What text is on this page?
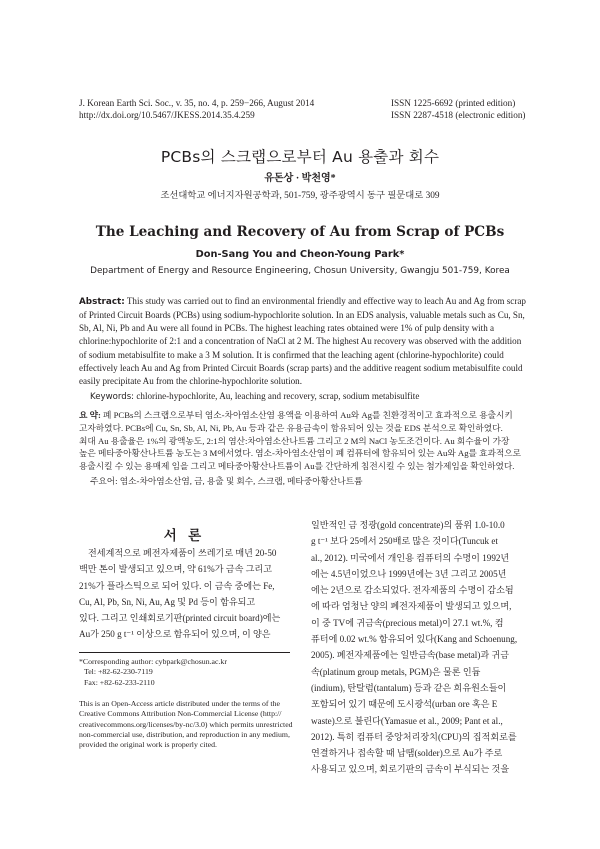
J. Korean Earth Sci. Soc., v. 35, no. 4, p. 259−266, August 2014
http://dx.doi.org/10.5467/JKESS.2014.35.4.259
ISSN 1225-6692 (printed edition)
ISSN 2287-4518 (electronic edition)
PCBs의 스크랩으로부터 Au 용출과 회수
유돈상 · 박천영*
조선대학교 에너지자원공학과, 501-759, 광주광역시 동구 필문대로 309
The Leaching and Recovery of Au from Scrap of PCBs
Don-Sang You and Cheon-Young Park*
Department of Energy and Resource Engineering, Chosun University, Gwangju 501-759, Korea
Abstract: This study was carried out to find an environmental friendly and effective way to leach Au and Ag from scrap
of Printed Circuit Boards (PCBs) using sodium-hypochlorite solution. In an EDS analysis, valuable metals such as Cu, Sn,
Sb, Al, Ni, Pb and Au were all found in PCBs. The highest leaching rates obtained were 1% of pulp density with a
chlorine:hypochlorite of 2:1 and a concentration of NaCl at 2 M. The highest Au recovery was observed with the addition
of sodium metabisulfite to make a 3 M solution. It is confirmed that the leaching agent (chlorine-hypochlorite) could
effectively leach Au and Ag from Printed Circuit Boards (scrap parts) and the additive reagent sodium metabisulfite could
easily precipitate Au from the chlorine-hypochlorite solution.
Keywords: chlorine-hypochlorite, Au, leaching and recovery, scrap, sodium metabisulfite
요 약: 폐 PCBs의 스크랩으로부터 염소-차아염소산염 용액을 이용하여 Au와 Ag를 친환경적이고 효과적으로 용출시키
고자하였다. PCBs에 Cu, Sn, Sb, Al, Ni, Pb, Au 등과 같은 유용금속이 함유되어 있는 것을 EDS 분석으로 확인하였다.
최대 Au 용출율은 1%의 광액농도, 2:1의 염산:차아염소산나트륨 그리고 2 M의 NaCl 농도조건이다. Au 회수율이 가장
높은 메타중아황산나트륨 농도는 3 M에서였다. 염소-차아염소산염이 폐 컴퓨터에 함유되어 있는 Au와 Ag를 효과적으로
용출시킬 수 있는 용매제 임을 그리고 메타중아황산나트륨이 Au를 간단하게 침전시킬 수 있는 첨가제임을 확인하였다.
주요어: 염소-차아염소산염, 금, 용출 및 회수, 스크랩, 메타중아황산나트륨
서 론
전세계적으로 폐전자제품이 쓰레기로 매년 20-50
백만 톤이 발생되고 있으며, 약 61%가 금속 그리고
21%가 플라스틱으로 되어 있다. 이 금속 중에는 Fe,
Cu, Al, Pb, Sn, Ni, Au, Ag 및 Pd 등이 함유되고
있다. 그리고 인쇄회로기판(printed circuit board)에는
Au가 250 g t⁻¹ 이상으로 함유되어 있으며, 이 양은
*Corresponding author: cybpark@chosun.ac.kr
Tel: +82-62-230-7119
Fax: +82-62-233-2110
This is an Open-Access article distributed under the terms of the
Creative Commons Attribution Non-Commercial License (http://
creativecommons.org/licenses/by-nc/3.0) which permits unrestricted
non-commercial use, distribution, and reproduction in any medium,
provided the original work is properly cited.
일반적인 금 정광(gold concentrate)의 품위 1.0-10.0
g t⁻¹ 보다 25에서 250배로 많은 것이다(Tuncuk et
al., 2012). 미국에서 개인용 컴퓨터의 수명이 1992년
에는 4.5년이었으나 1999년에는 3년 그리고 2005년
에는 2년으로 감소되었다. 전자제품의 수명이 감소됨
에 따라 엄청난 양의 폐전자제품이 발생되고 있으며,
이 중 TV에 귀금속(precious metal)이 27.1 wt.%, 컴
퓨터에 0.02 wt.% 함유되어 있다(Kang and Schoenung,
2005). 폐전자제품에는 일반금속(base metal)과 귀금
속(platinum group metals, PGM)은 물론 인듐
(indium), 탄탈럼(tantalum) 등과 같은 희유원소들이
포함되어 있기 때문에 도시광석(urban ore 혹은 E
waste)으로 불린다(Yamasue et al., 2009; Pant et al.,
2012). 특히 컴퓨터 중앙처리장치(CPU)의 집적회로를
연결하거나 접속할 때 납땜(solder)으로 Au가 주로
사용되고 있으며, 회로기판의 금속이 부식되는 것을
